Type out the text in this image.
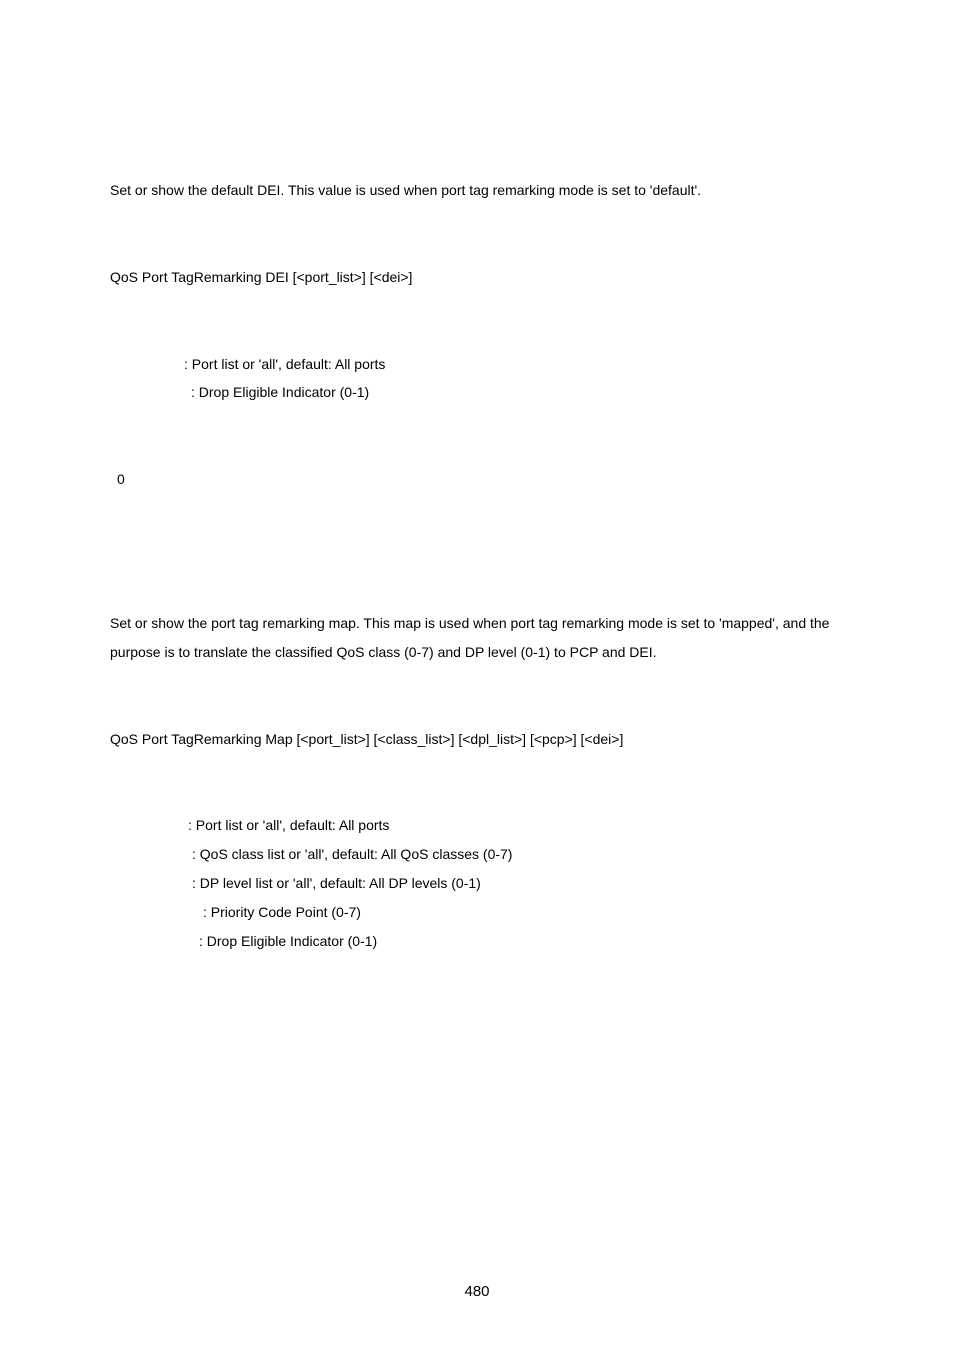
Set or show the default DEI. This value is used when port tag remarking mode is set to 'default'.
QoS Port TagRemarking DEI [<port_list>] [<dei>]
: Port list or 'all', default: All ports
: Drop Eligible Indicator (0-1)
0
Set or show the port tag remarking map. This map is used when port tag remarking mode is set to 'mapped', and the
purpose is to translate the classified QoS class (0-7) and DP level (0-1) to PCP and DEI.
QoS Port TagRemarking Map [<port_list>] [<class_list>] [<dpl_list>] [<pcp>] [<dei>]
: Port list or 'all', default: All ports
: QoS class list or 'all', default: All QoS classes (0-7)
: DP level list or 'all', default: All DP levels (0-1)
: Priority Code Point (0-7)
: Drop Eligible Indicator (0-1)
480
